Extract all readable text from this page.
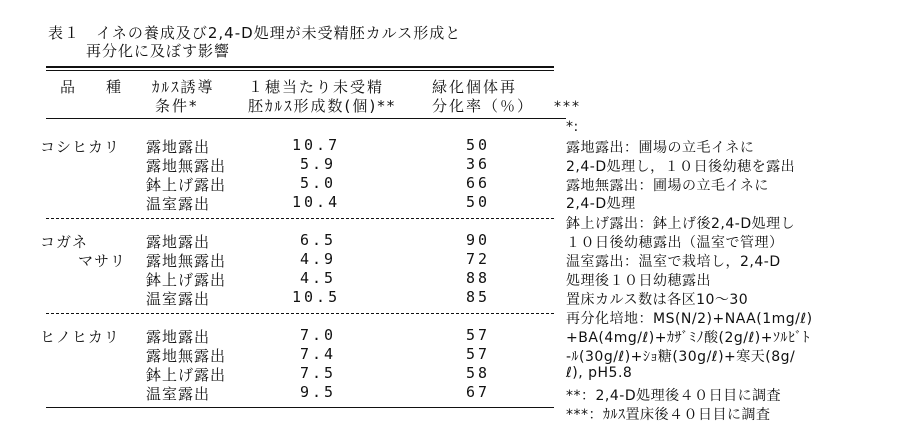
表１　イネの養成及び2,4-D処理が未受精胚カルス形成と
再分化に及ぼす影響
品　種 ｶﾙｽ誘導
条件*
１穂当たり未受精
胚ｶﾙｽ形成数(個)**
緑化個体再
分化率（％） ***
コシヒカリ 露地露出	10.7	50
露地無露出	5.9	36
鉢上げ露出	5.0	66
温室露出	10.4	50
コガネ
マサリ
露地露出	6.5	90
露地無露出	4.9	72
鉢上げ露出	4.5	88
温室露出	10.5	85
ヒノヒカリ 露地露出	7.0	57
露地無露出	7.4	57
鉢上げ露出	7.5	58
温室露出	9.5	67
*:
露地露出：圃場の立毛イネに
2,4-D処理し，１０日後幼穂を露出
露地無露出：圃場の立毛イネに
2,4-D処理
鉢上げ露出：鉢上げ後2,4-D処理し
１０日後幼穂露出（温室で管理）
温室露出：温室で栽培し，2,4-D
処理後１０日幼穂露出
置床カルス数は各区10～30
再分化培地：MS(N/2)+NAA(1mg/ℓ)
+BA(4mg/ℓ)+ｶｻﾞﾐﾉ酸(2g/ℓ)+ｿﾙﾋﾞﾄ
-ﾙ(30g/ℓ)+ｼｮ糖(30g/ℓ)+寒天(8g/
ℓ), pH5.8
**：2,4-D処理後４０日目に調査
***：ｶﾙｽ置床後４０日目に調査
